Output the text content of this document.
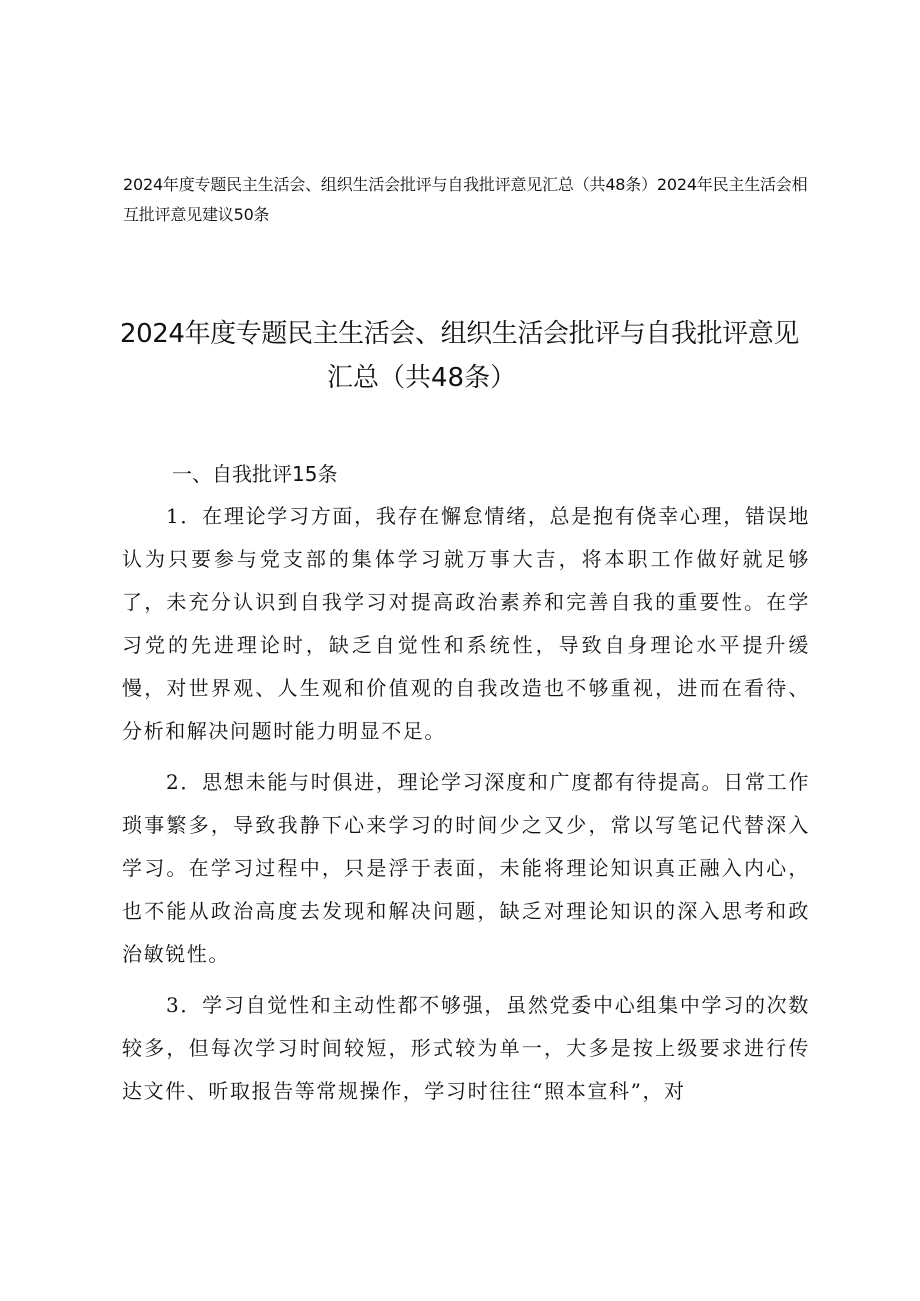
2024年度专题民主生活会、组织生活会批评与自我批评意见汇总（共48条）2024年民主生活会相互批评意见建议50条
2024年度专题民主生活会、组织生活会批评与自我批评意见
汇总（共48条）
一、自我批评15条

1．在理论学习方面，我存在懈怠情绪，总是抱有侥幸心理，错误地认为只要参与党支部的集体学习就万事大吉，将本职工作做好就足够了，未充分认识到自我学习对提高政治素养和完善自我的重要性。在学习党的先进理论时，缺乏自觉性和系统性，导致自身理论水平提升缓慢，对世界观、人生观和价值观的自我改造也不够重视，进而在看待、分析和解决问题时能力明显不足。

2．思想未能与时俱进，理论学习深度和广度都有待提高。日常工作琐事繁多，导致我静下心来学习的时间少之又少，常以写笔记代替深入学习。在学习过程中，只是浮于表面，未能将理论知识真正融入内心，也不能从政治高度去发现和解决问题，缺乏对理论知识的深入思考和政治敏锐性。

3．学习自觉性和主动性都不够强，虽然党委中心组集中学习的次数较多，但每次学习时间较短，形式较为单一，大多是按上级要求进行传达文件、听取报告等常规操作，学习时往往“照本宣科”，对
